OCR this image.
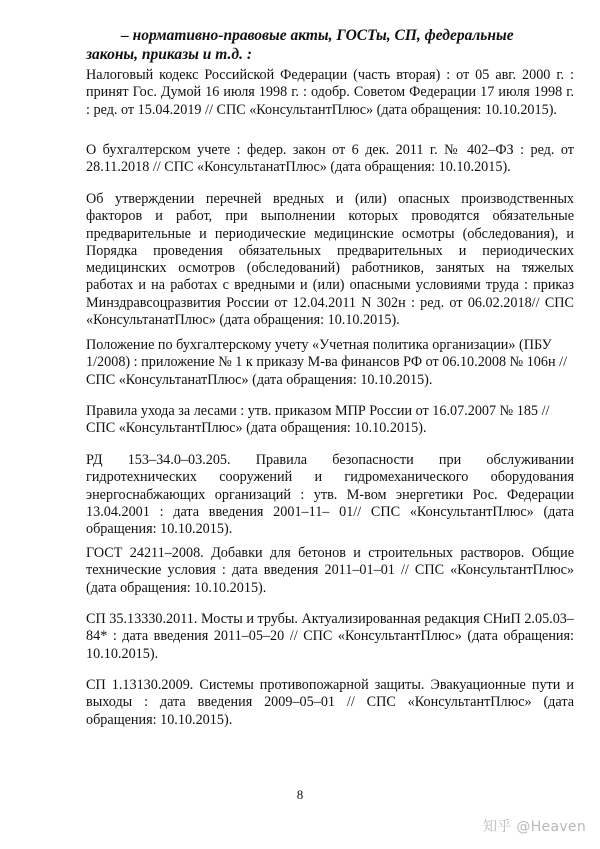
– нормативно-правовые акты, ГОСТы, СП, федеральные законы, приказы и т.д. :

Налоговый кодекс Российской Федерации (часть вторая) : от 05 авг. 2000 г. : принят Гос. Думой 16 июля 1998 г. : одобр. Советом Федерации 17 июля 1998 г. : ред. от 15.04.2019 // СПС «КонсультантПлюс» (дата обращения: 10.10.2015).

О бухгалтерском учете : федер. закон от 6 дек. 2011 г. № 402–ФЗ : ред. от 28.11.2018 // СПС «КонсультанатПлюс» (дата обращения: 10.10.2015).

Об утверждении перечней вредных и (или) опасных производственных факторов и работ, при выполнении которых проводятся обязательные предварительные и периодические медицинские осмотры (обследования), и Порядка проведения обязательных предварительных и периодических медицинских осмотров (обследований) работников, занятых на тяжелых работах и на работах с вредными и (или) опасными условиями труда : приказ Минздравсоцразвития России от 12.04.2011 N 302н : ред. от 06.02.2018// СПС «КонсультанатПлюс» (дата обращения: 10.10.2015).

Положение по бухгалтерскому учету «Учетная политика организации» (ПБУ 1/2008) : приложение № 1 к приказу М-ва финансов РФ от 06.10.2008 № 106н // СПС «КонсультанатПлюс» (дата обращения: 10.10.2015).

Правила ухода за лесами : утв. приказом МПР России от 16.07.2007 № 185 // СПС «КонсультантПлюс» (дата обращения: 10.10.2015).

РД 153–34.0–03.205. Правила безопасности при обслуживании гидротехнических сооружений и гидромеханического оборудования энергоснабжающих организаций : утв. М-вом энергетики Рос. Федерации 13.04.2001 : дата введения 2001–11– 01// СПС «КонсультантПлюс» (дата обращения: 10.10.2015).

ГОСТ 24211–2008. Добавки для бетонов и строительных растворов. Общие технические условия : дата введения 2011–01–01 // СПС «КонсультантПлюс» (дата обращения: 10.10.2015).

СП 35.13330.2011. Мосты и трубы. Актуализированная редакция СНиП 2.05.03–84* : дата введения 2011–05–20 // СПС «КонсультантПлюс» (дата обращения: 10.10.2015).

СП 1.13130.2009. Системы противопожарной защиты. Эвакуационные пути и выходы : дата введения 2009–05–01 // СПС «КонсультантПлюс» (дата обращения: 10.10.2015).

8
知乎 @Heaven
